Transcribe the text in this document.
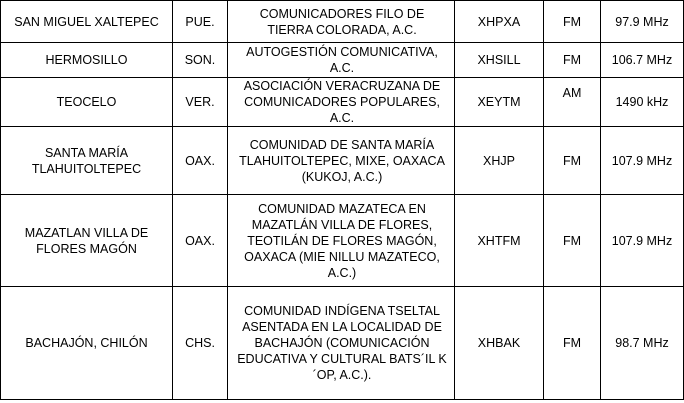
SAN MIGUEL XALTEPEC	PUE.	COMUNICADORES FILO DE TIERRA COLORADA, A.C.	XHPXA	FM	97.9 MHz
HERMOSILLO	SON.	AUTOGESTIÓN COMUNICATIVA, A.C.	XHSILL	FM	106.7 MHz
TEOCELO	VER.	ASOCIACIÓN VERACRUZANA DE COMUNICADORES POPULARES, A.C.	XEYTM	AM	1490 kHz
SANTA MARÍA TLAHUITOLTEPEC	OAX.	COMUNIDAD DE SANTA MARÍA TLAHUITOLTEPEC, MIXE, OAXACA (KUKOJ, A.C.)	XHJP	FM	107.9 MHz
MAZATLAN VILLA DE FLORES MAGÓN	OAX.	COMUNIDAD MAZATECA EN MAZATLÁN VILLA DE FLORES, TEOTILÁN DE FLORES MAGÓN, OAXACA (MIE NILLU MAZATECO, A.C.)	XHTFM	FM	107.9 MHz
BACHAJÓN, CHILÓN	CHS.	COMUNIDAD INDÍGENA TSELTAL ASENTADA EN LA LOCALIDAD DE BACHAJÓN (COMUNICACIÓN EDUCATIVA Y CULTURAL BATS´IL K´OP, A.C.).	XHBAK	FM	98.7 MHz
